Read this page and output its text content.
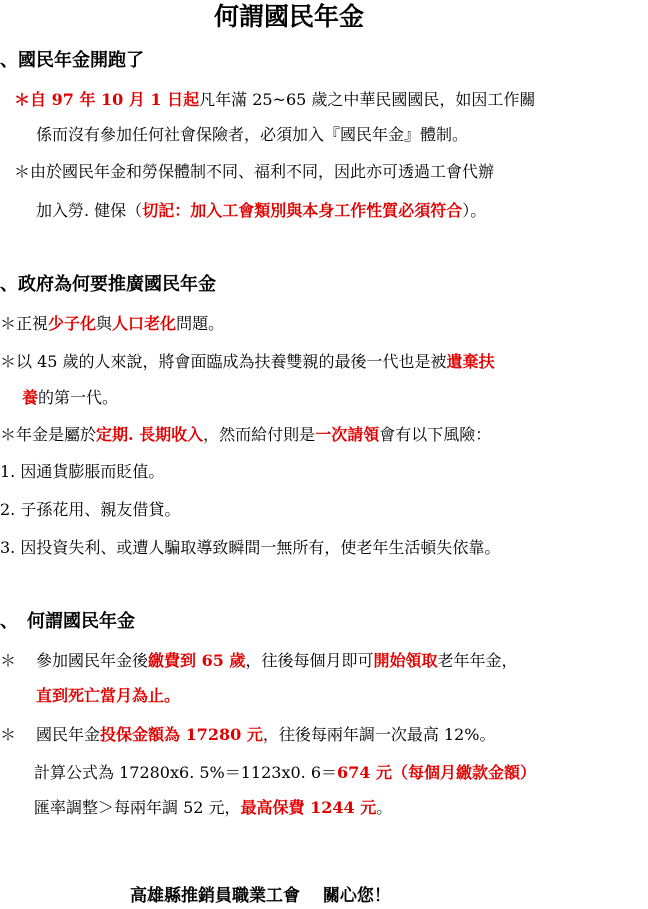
何謂國民年金
、國民年金開跑了
＊自 97 年 10 月 1 日起凡年滿 25~65 歲之中華民國國民，如因工作關
係而沒有參加任何社會保險者，必須加入『國民年金』體制。
＊由於國民年金和勞保體制不同、福利不同，因此亦可透過工會代辦
加入勞. 健保（切記：加入工會類別與本身工作性質必須符合）。
、政府為何要推廣國民年金
＊正視少子化與人口老化問題。
＊以 45 歲的人來說，將會面臨成為扶養雙親的最後一代也是被遺棄扶
養的第一代。
＊年金是屬於定期. 長期收入，然而給付則是一次請領會有以下風險：
1. 因通貨膨脹而貶值。
2. 子孫花用、親友借貸。
3. 因投資失利、或遭人騙取導致瞬間一無所有，使老年生活頓失依靠。
、　何謂國民年金
＊ 參加國民年金後繳費到 65 歲，往後每個月即可開始領取老年年金，
直到死亡當月為止。
＊ 國民年金投保金額為 17280 元，往後每兩年調一次最高 12%。
計算公式為 17280x6. 5%＝1123x0. 6＝674 元（每個月繳款金額）
匯率調整＞每兩年調 52 元，最高保費 1244 元。
高雄縣推銷員職業工會　 關心您！
